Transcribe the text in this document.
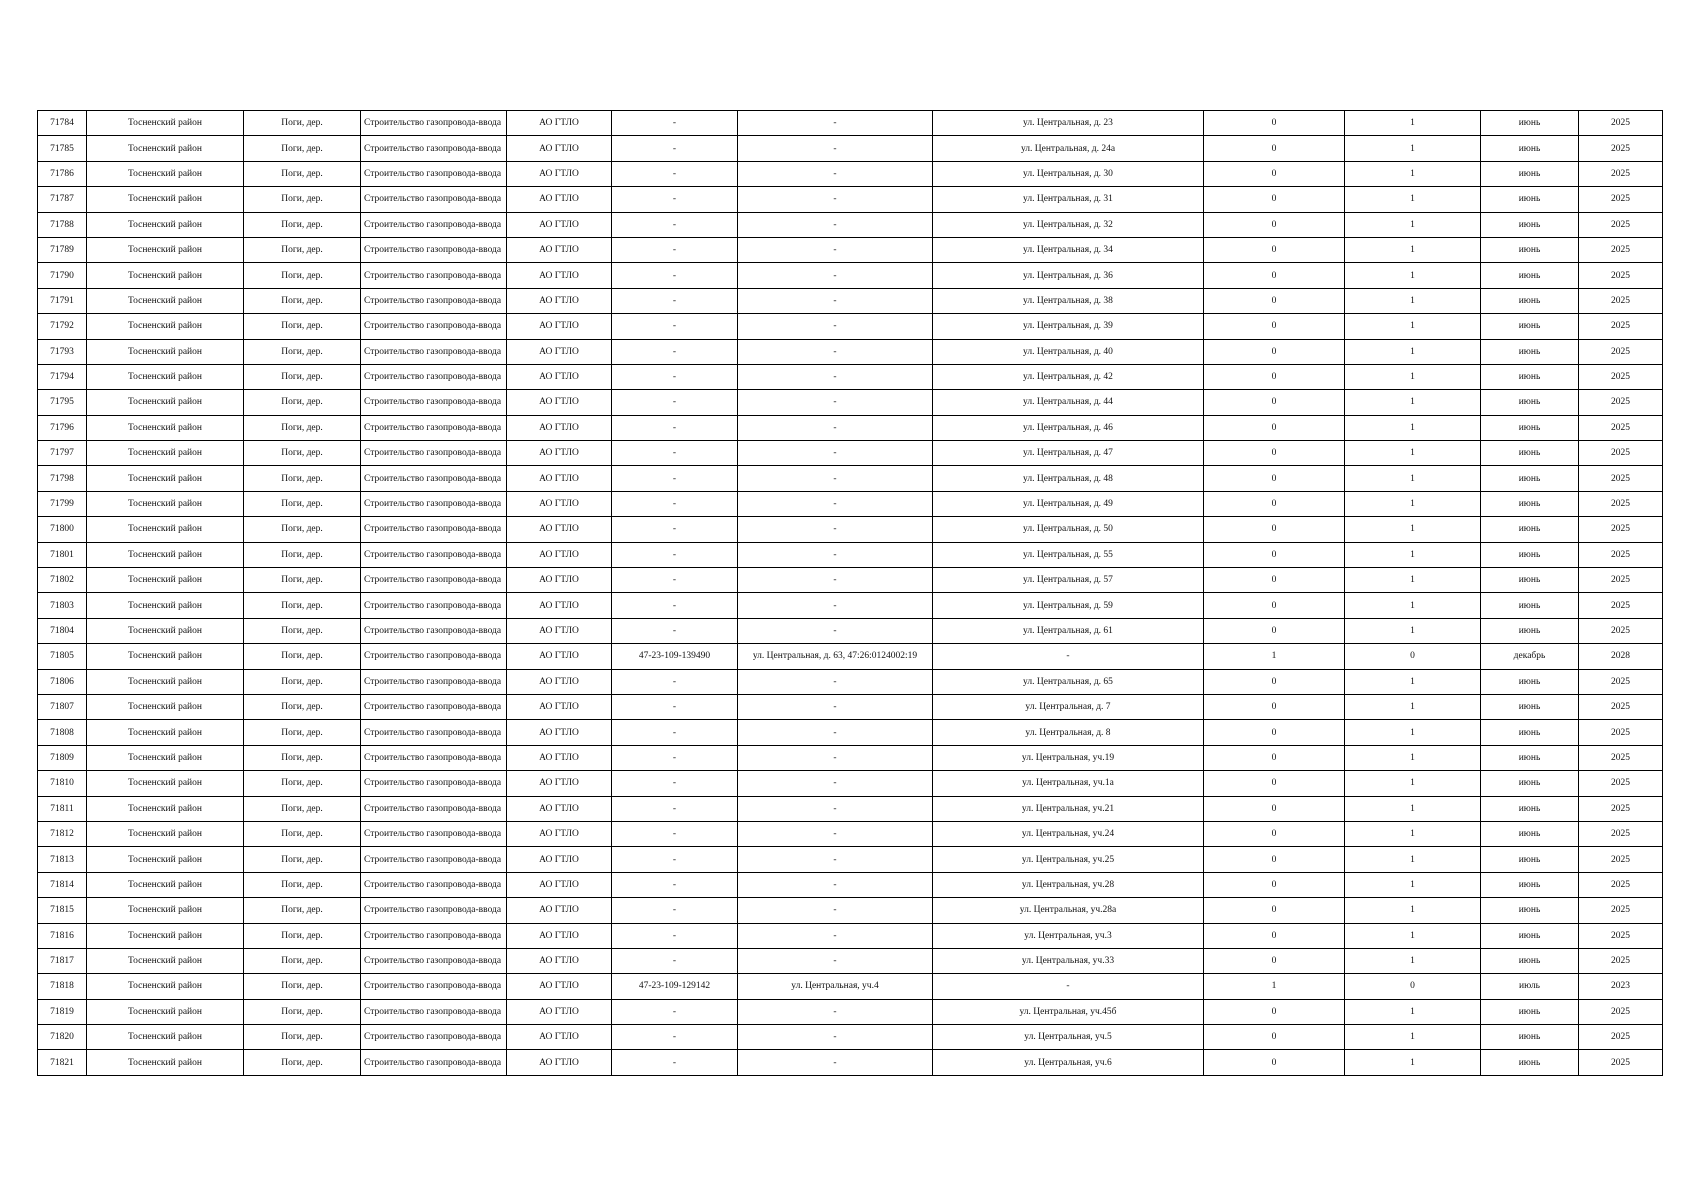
71784	Тосненский район	Поги, дер.	Строительство газопровода-ввода	АО ГТЛО	-	-	ул. Центральная, д. 23	0	1	июнь	2025
71785	Тосненский район	Поги, дер.	Строительство газопровода-ввода	АО ГТЛО	-	-	ул. Центральная, д. 24а	0	1	июнь	2025
71786	Тосненский район	Поги, дер.	Строительство газопровода-ввода	АО ГТЛО	-	-	ул. Центральная, д. 30	0	1	июнь	2025
71787	Тосненский район	Поги, дер.	Строительство газопровода-ввода	АО ГТЛО	-	-	ул. Центральная, д. 31	0	1	июнь	2025
71788	Тосненский район	Поги, дер.	Строительство газопровода-ввода	АО ГТЛО	-	-	ул. Центральная, д. 32	0	1	июнь	2025
71789	Тосненский район	Поги, дер.	Строительство газопровода-ввода	АО ГТЛО	-	-	ул. Центральная, д. 34	0	1	июнь	2025
71790	Тосненский район	Поги, дер.	Строительство газопровода-ввода	АО ГТЛО	-	-	ул. Центральная, д. 36	0	1	июнь	2025
71791	Тосненский район	Поги, дер.	Строительство газопровода-ввода	АО ГТЛО	-	-	ул. Центральная, д. 38	0	1	июнь	2025
71792	Тосненский район	Поги, дер.	Строительство газопровода-ввода	АО ГТЛО	-	-	ул. Центральная, д. 39	0	1	июнь	2025
71793	Тосненский район	Поги, дер.	Строительство газопровода-ввода	АО ГТЛО	-	-	ул. Центральная, д. 40	0	1	июнь	2025
71794	Тосненский район	Поги, дер.	Строительство газопровода-ввода	АО ГТЛО	-	-	ул. Центральная, д. 42	0	1	июнь	2025
71795	Тосненский район	Поги, дер.	Строительство газопровода-ввода	АО ГТЛО	-	-	ул. Центральная, д. 44	0	1	июнь	2025
71796	Тосненский район	Поги, дер.	Строительство газопровода-ввода	АО ГТЛО	-	-	ул. Центральная, д. 46	0	1	июнь	2025
71797	Тосненский район	Поги, дер.	Строительство газопровода-ввода	АО ГТЛО	-	-	ул. Центральная, д. 47	0	1	июнь	2025
71798	Тосненский район	Поги, дер.	Строительство газопровода-ввода	АО ГТЛО	-	-	ул. Центральная, д. 48	0	1	июнь	2025
71799	Тосненский район	Поги, дер.	Строительство газопровода-ввода	АО ГТЛО	-	-	ул. Центральная, д. 49	0	1	июнь	2025
71800	Тосненский район	Поги, дер.	Строительство газопровода-ввода	АО ГТЛО	-	-	ул. Центральная, д. 50	0	1	июнь	2025
71801	Тосненский район	Поги, дер.	Строительство газопровода-ввода	АО ГТЛО	-	-	ул. Центральная, д. 55	0	1	июнь	2025
71802	Тосненский район	Поги, дер.	Строительство газопровода-ввода	АО ГТЛО	-	-	ул. Центральная, д. 57	0	1	июнь	2025
71803	Тосненский район	Поги, дер.	Строительство газопровода-ввода	АО ГТЛО	-	-	ул. Центральная, д. 59	0	1	июнь	2025
71804	Тосненский район	Поги, дер.	Строительство газопровода-ввода	АО ГТЛО	-	-	ул. Центральная, д. 61	0	1	июнь	2025
71805	Тосненский район	Поги, дер.	Строительство газопровода-ввода	АО ГТЛО	47-23-109-139490	ул. Центральная, д. 63, 47:26:0124002:19	-	1	0	декабрь	2028
71806	Тосненский район	Поги, дер.	Строительство газопровода-ввода	АО ГТЛО	-	-	ул. Центральная, д. 65	0	1	июнь	2025
71807	Тосненский район	Поги, дер.	Строительство газопровода-ввода	АО ГТЛО	-	-	ул. Центральная, д. 7	0	1	июнь	2025
71808	Тосненский район	Поги, дер.	Строительство газопровода-ввода	АО ГТЛО	-	-	ул. Центральная, д. 8	0	1	июнь	2025
71809	Тосненский район	Поги, дер.	Строительство газопровода-ввода	АО ГТЛО	-	-	ул. Центральная, уч.19	0	1	июнь	2025
71810	Тосненский район	Поги, дер.	Строительство газопровода-ввода	АО ГТЛО	-	-	ул. Центральная, уч.1а	0	1	июнь	2025
71811	Тосненский район	Поги, дер.	Строительство газопровода-ввода	АО ГТЛО	-	-	ул. Центральная, уч.21	0	1	июнь	2025
71812	Тосненский район	Поги, дер.	Строительство газопровода-ввода	АО ГТЛО	-	-	ул. Центральная, уч.24	0	1	июнь	2025
71813	Тосненский район	Поги, дер.	Строительство газопровода-ввода	АО ГТЛО	-	-	ул. Центральная, уч.25	0	1	июнь	2025
71814	Тосненский район	Поги, дер.	Строительство газопровода-ввода	АО ГТЛО	-	-	ул. Центральная, уч.28	0	1	июнь	2025
71815	Тосненский район	Поги, дер.	Строительство газопровода-ввода	АО ГТЛО	-	-	ул. Центральная, уч.28а	0	1	июнь	2025
71816	Тосненский район	Поги, дер.	Строительство газопровода-ввода	АО ГТЛО	-	-	ул. Центральная, уч.3	0	1	июнь	2025
71817	Тосненский район	Поги, дер.	Строительство газопровода-ввода	АО ГТЛО	-	-	ул. Центральная, уч.33	0	1	июнь	2025
71818	Тосненский район	Поги, дер.	Строительство газопровода-ввода	АО ГТЛО	47-23-109-129142	ул. Центральная, уч.4	-	1	0	июль	2023
71819	Тосненский район	Поги, дер.	Строительство газопровода-ввода	АО ГТЛО	-	-	ул. Центральная, уч.45б	0	1	июнь	2025
71820	Тосненский район	Поги, дер.	Строительство газопровода-ввода	АО ГТЛО	-	-	ул. Центральная, уч.5	0	1	июнь	2025
71821	Тосненский район	Поги, дер.	Строительство газопровода-ввода	АО ГТЛО	-	-	ул. Центральная, уч.6	0	1	июнь	2025
